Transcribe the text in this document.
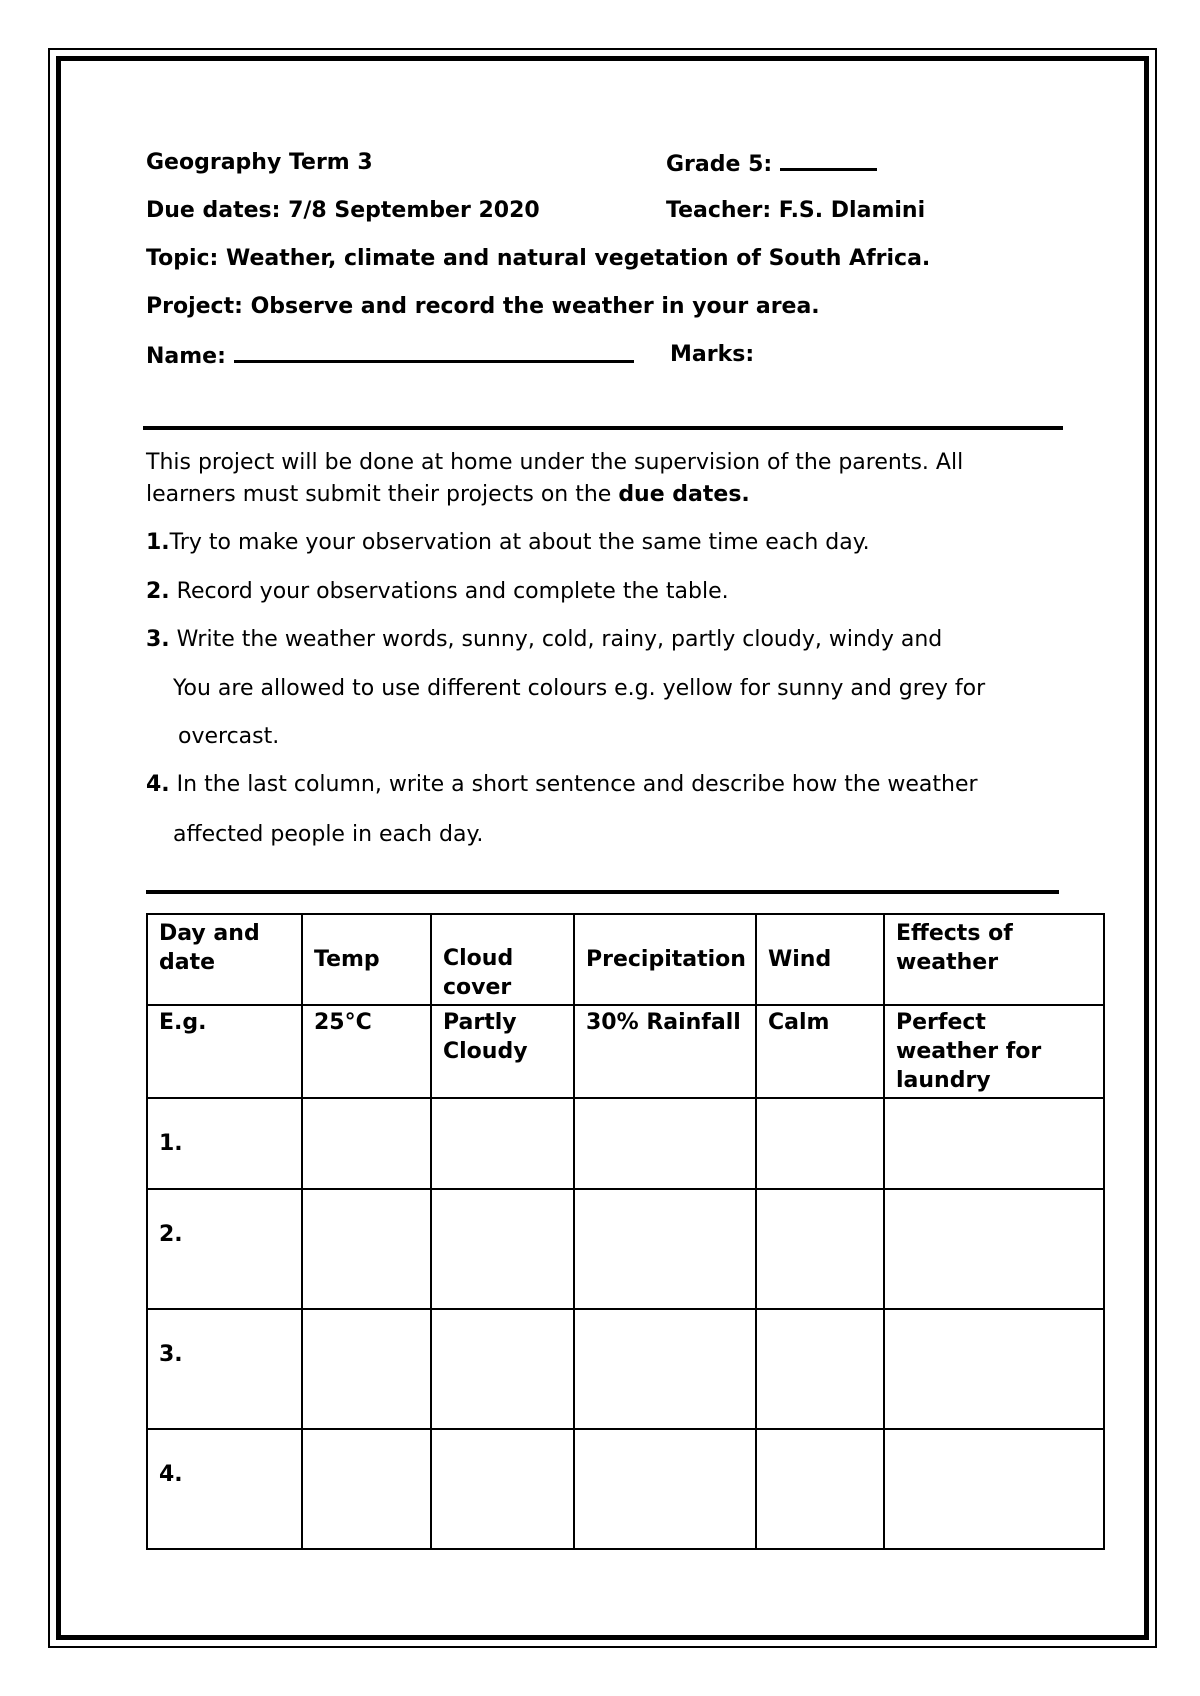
Geography Term 3	Grade 5:
Due dates: 7/8 September 2020	Teacher: F.S. Dlamini
Topic: Weather, climate and natural vegetation of South Africa.
Project: Observe and record the weather in your area.
Name:	Marks:
This project will be done at home under the supervision of the parents. All learners must submit their projects on the due dates.
1.Try to make your observation at about the same time each day.
2. Record your observations and complete the table.
3. Write the weather words, sunny, cold, rainy, partly cloudy, windy and
You are allowed to use different colours e.g. yellow for sunny and grey for
overcast.
4. In the last column, write a short sentence and describe how the weather
affected people in each day.
Day and date	Temp	Cloud cover	Precipitation	Wind	Effects of weather
E.g.	25°C	Partly Cloudy	30% Rainfall	Calm	Perfect weather for laundry
1.					
2.					
3.					
4.					
